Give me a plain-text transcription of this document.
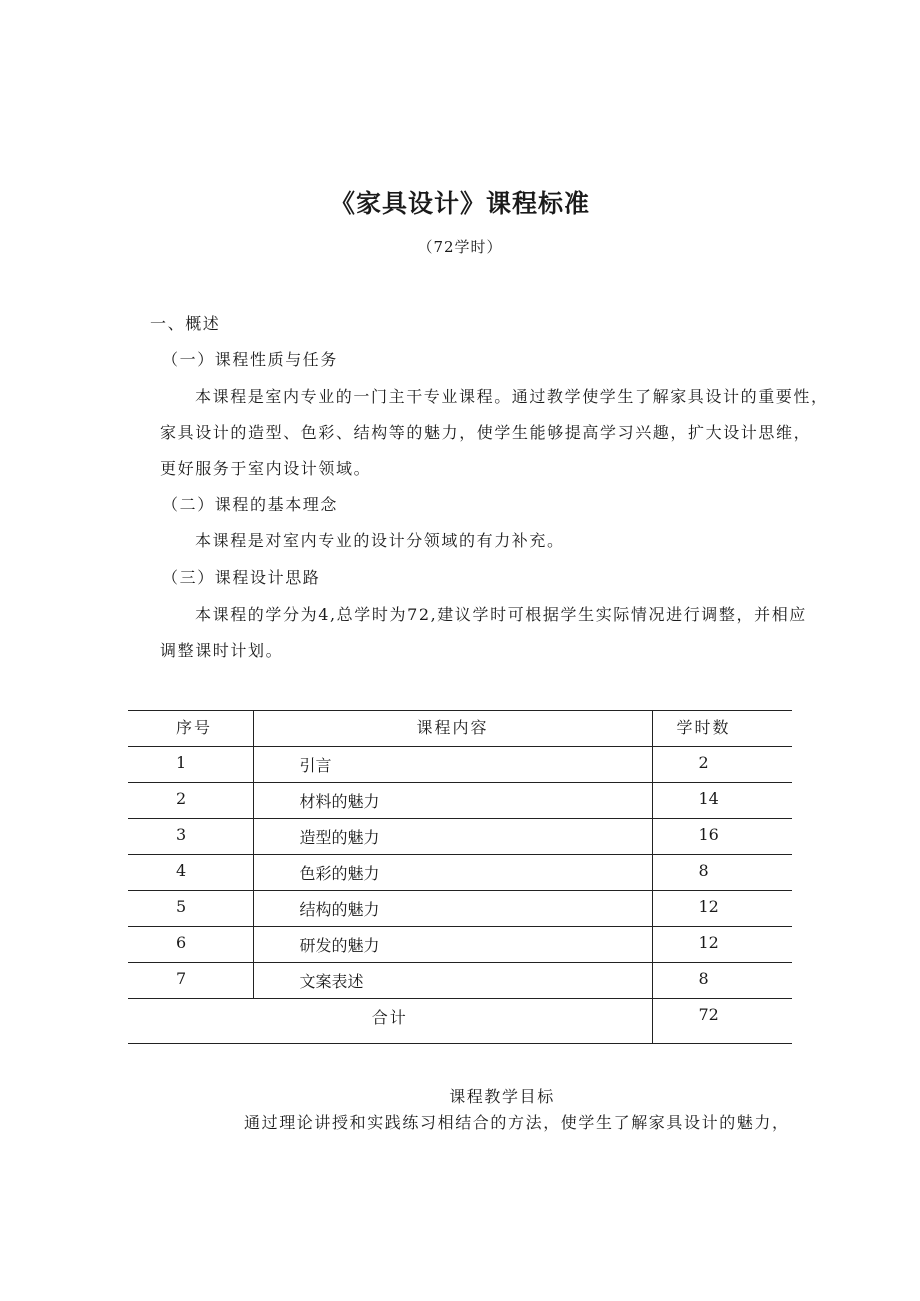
《家具设计》课程标准
（72学时）
一、概述
（一）课程性质与任务
本课程是室内专业的一门主干专业课程。通过教学使学生了解家具设计的重要性，
家具设计的造型、色彩、结构等的魅力，使学生能够提高学习兴趣，扩大设计思维，
更好服务于室内设计领域。
（二）课程的基本理念
本课程是对室内专业的设计分领域的有力补充。
（三）课程设计思路
本课程的学分为4,总学时为72,建议学时可根据学生实际情况进行调整，并相应
调整课时计划。
序号	课程内容	学时数
1	引言	2
2	材料的魅力	14
3	造型的魅力	16
4	色彩的魅力	8
5	结构的魅力	12
6	研发的魅力	12
7	文案表述	8
合计		72
课程教学目标
通过理论讲授和实践练习相结合的方法，使学生了解家具设计的魅力，
